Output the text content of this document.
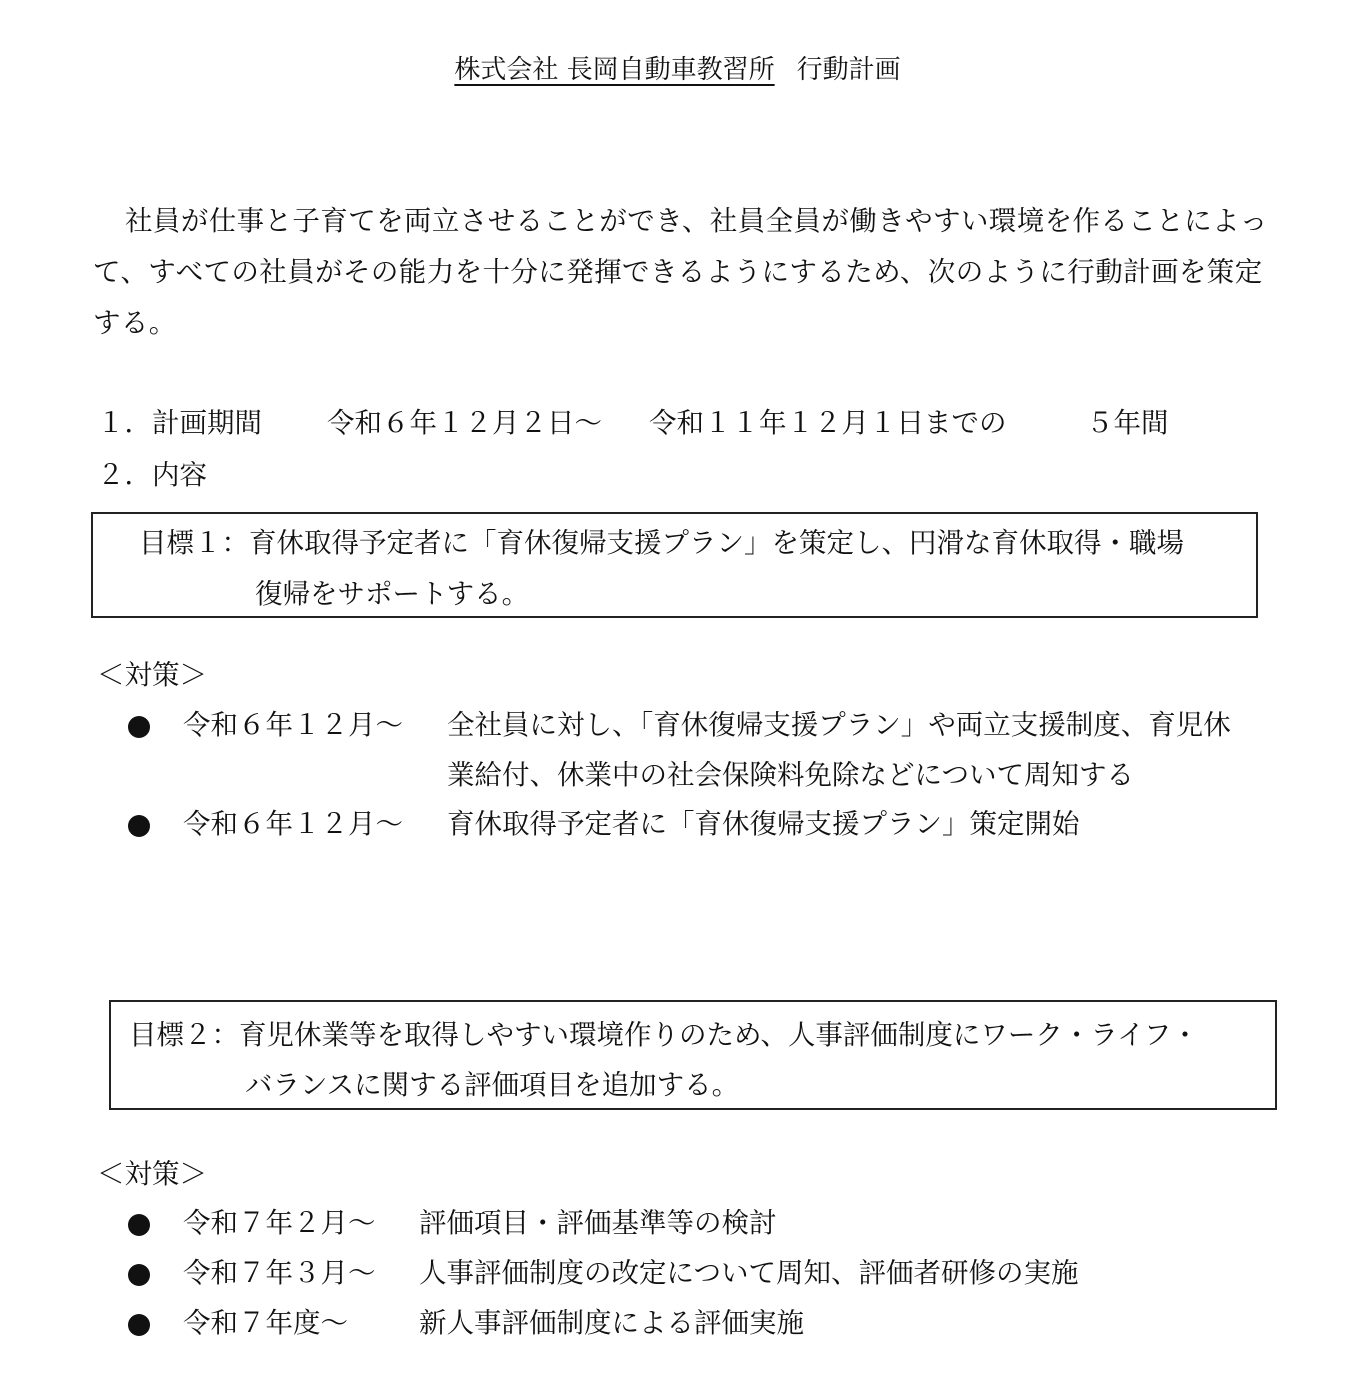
株式会社 長岡自動車教習所 行動計画
社員が仕事と子育てを両立させることができ、社員全員が働きやすい環境を作ることによって、すべての社員がその能力を十分に発揮できるようにするため、次のように行動計画を策定する。
１．計画期間 令和６年１２月２日～ 令和１１年１２月１日までの	５年間
２．内容
目標１：育休取得予定者に「育休復帰支援プラン」を策定し、円滑な育休取得・職場
復帰をサポートする。
＜対策＞
令和６年１２月～ 全社員に対し、「育休復帰支援プラン」や両立支援制度、育児休
業給付、休業中の社会保険料免除などについて周知する
令和６年１２月～ 育休取得予定者に「育休復帰支援プラン」策定開始
目標２：育児休業等を取得しやすい環境作りのため、人事評価制度にワーク・ライフ・
バランスに関する評価項目を追加する。
＜対策＞
令和７年２月～ 評価項目・評価基準等の検討
令和７年３月～ 人事評価制度の改定について周知、評価者研修の実施
令和７年度～	新人事評価制度による評価実施
